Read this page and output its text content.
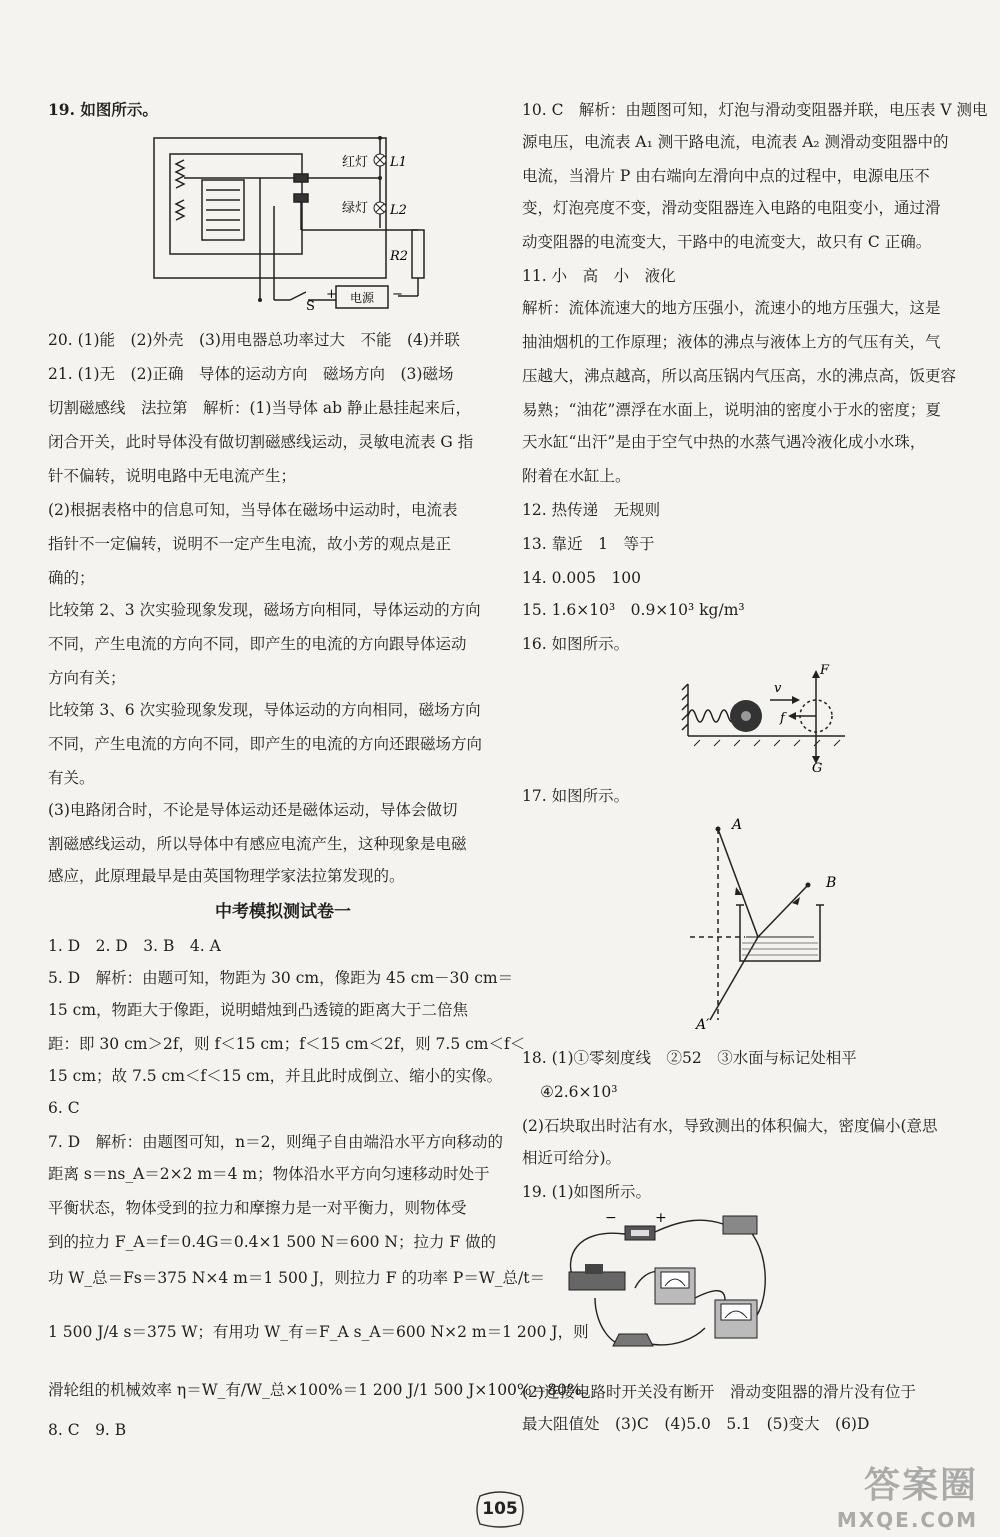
19. 如图所示。
20. (1)能　(2)外壳　(3)用电器总功率过大　不能　(4)并联
21. (1)无　(2)正确　导体的运动方向　磁场方向　(3)磁场
切割磁感线　法拉第　解析：(1)当导体 ab 静止悬挂起来后，
闭合开关，此时导体没有做切割磁感线运动，灵敏电流表 G 指
针不偏转，说明电路中无电流产生；
(2)根据表格中的信息可知，当导体在磁场中运动时，电流表
指针不一定偏转，说明不一定产生电流，故小芳的观点是正
确的；
比较第 2、3 次实验现象发现，磁场方向相同，导体运动的方向
不同，产生电流的方向不同，即产生的电流的方向跟导体运动
方向有关；
比较第 3、6 次实验现象发现，导体运动的方向相同，磁场方向
不同，产生电流的方向不同，即产生的电流的方向还跟磁场方向
有关。
(3)电路闭合时，不论是导体运动还是磁体运动，导体会做切
割磁感线运动，所以导体中有感应电流产生，这种现象是电磁
感应，此原理最早是由英国物理学家法拉第发现的。
中考模拟测试卷一
1. D　2. D　3. B　4. A
5. D　解析：由题可知，物距为 30 cm，像距为 45 cm－30 cm＝
15 cm，物距大于像距，说明蜡烛到凸透镜的距离大于二倍焦
距：即 30 cm＞2f，则 f＜15 cm；f＜15 cm＜2f，则 7.5 cm＜f＜
15 cm；故 7.5 cm＜f＜15 cm，并且此时成倒立、缩小的实像。
6. C
7. D　解析：由题图可知，n＝2，则绳子自由端沿水平方向移动的
距离 s＝ns_A＝2×2 m＝4 m；物体沿水平方向匀速移动时处于
平衡状态，物体受到的拉力和摩擦力是一对平衡力，则物体受
到的拉力 F_A＝f＝0.4G＝0.4×1 500 N＝600 N；拉力 F 做的
功 W_总＝Fs＝375 N×4 m＝1 500 J，则拉力 F 的功率 P＝W_总/t＝
1 500 J/4 s＝375 W；有用功 W_有＝F_A s_A＝600 N×2 m＝1 200 J，则
滑轮组的机械效率 η＝W_有/W_总×100%＝1 200 J/1 500 J×100%＝80%。
8. C　9. B
红灯 L1
绿灯 L2
R2
S
电源
+	−
10. C　解析：由题图可知，灯泡与滑动变阻器并联，电压表 V 测电
源电压，电流表 A₁ 测干路电流，电流表 A₂ 测滑动变阻器中的
电流，当滑片 P 由右端向左滑向中点的过程中，电源电压不
变，灯泡亮度不变，滑动变阻器连入电路的电阻变小，通过滑
动变阻器的电流变大，干路中的电流变大，故只有 C 正确。
11. 小　高　小　液化
解析：流体流速大的地方压强小，流速小的地方压强大，这是
抽油烟机的工作原理；液体的沸点与液体上方的气压有关，气
压越大，沸点越高，所以高压锅内气压高，水的沸点高，饭更容
易熟；“油花”漂浮在水面上，说明油的密度小于水的密度；夏
天水缸“出汗”是由于空气中热的水蒸气遇冷液化成小水珠，
附着在水缸上。
12. 热传递　无规则
13. 靠近　1　等于
14. 0.005　100
15. 1.6×10³　0.9×10³ kg/m³
16. 如图所示。
17. 如图所示。
18. (1)①零刻度线　②52　③水面与标记处相平
④2.6×10³
(2)石块取出时沾有水，导致测出的体积偏大，密度偏小(意思
相近可给分)。
19. (1)如图所示。
(2)连接电路时开关没有断开　滑动变阻器的滑片没有位于
最大阻值处　(3)C　(4)5.0　5.1　(5)变大　(6)D
v
F
f
G
A
B
A′
−	+
105
答案圈
MXQE.COM
